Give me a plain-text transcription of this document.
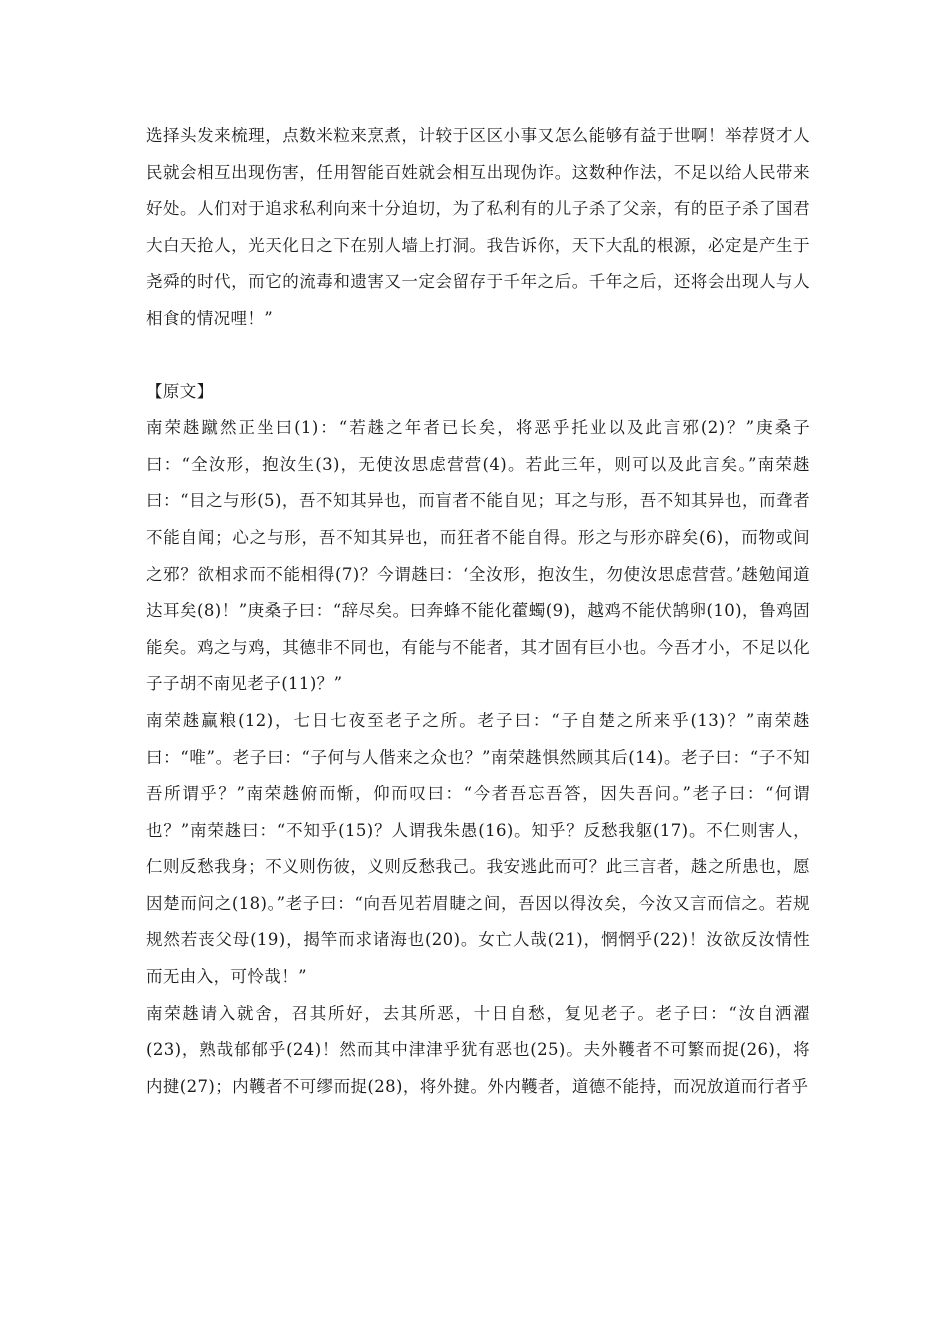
选择头发来梳理，点数米粒来烹煮，计较于区区小事又怎么能够有益于世啊！举荐贤才人民就会相互出现伤害，任用智能百姓就会相互出现伪诈。这数种作法，不足以给人民带来好处。人们对于追求私利向来十分迫切，为了私利有的儿子杀了父亲，有的臣子杀了国君大白天抢人，光天化日之下在别人墙上打洞。我告诉你，天下大乱的根源，必定是产生于尧舜的时代，而它的流毒和遗害又一定会留存于千年之后。千年之后，还将会出现人与人相食的情况哩！”

【原文】

南荣趎蹴然正坐曰(1)：“若趎之年者已长矣，将恶乎托业以及此言邪(2)？”庚桑子曰：“全汝形，抱汝生(3)，无使汝思虑营营(4)。若此三年，则可以及此言矣。”南荣趎曰：“目之与形(5)，吾不知其异也，而盲者不能自见；耳之与形，吾不知其异也，而聋者不能自闻；心之与形，吾不知其异也，而狂者不能自得。形之与形亦辟矣(6)，而物或间之邪？欲相求而不能相得(7)？今谓趎曰：‘全汝形，抱汝生，勿使汝思虑营营。’趎勉闻道达耳矣(8)！”庚桑子曰：“辞尽矣。曰奔蜂不能化藿蠋(9)，越鸡不能伏鹄卵(10)，鲁鸡固能矣。鸡之与鸡，其德非不同也，有能与不能者，其才固有巨小也。今吾才小，不足以化子子胡不南见老子(11)？”

南荣趎赢粮(12)，七日七夜至老子之所。老子曰：“子自楚之所来乎(13)？”南荣趎曰：“唯”。老子曰：“子何与人偕来之众也？”南荣趎惧然顾其后(14)。老子曰：“子不知吾所谓乎？”南荣趎俯而惭，仰而叹曰：“今者吾忘吾答，因失吾问。”老子曰：“何谓也？”南荣趎曰：“不知乎(15)？人谓我朱愚(16)。知乎？反愁我躯(17)。不仁则害人，仁则反愁我身；不义则伤彼，义则反愁我己。我安逃此而可？此三言者，趎之所患也，愿因楚而问之(18)。”老子曰：“向吾见若眉睫之间，吾因以得汝矣，今汝又言而信之。若规规然若丧父母(19)，揭竿而求诸海也(20)。女亡人哉(21)，惘惘乎(22)！汝欲反汝情性而无由入，可怜哉！”

南荣趎请入就舍，召其所好，去其所恶，十日自愁，复见老子。老子曰：“汝自洒濯(23)，熟哉郁郁乎(24)！然而其中津津乎犹有恶也(25)。夫外韄者不可繁而捉(26)，将内揵(27)；内韄者不可缪而捉(28)，将外揵。外内韄者，道德不能持，而况放道而行者乎
